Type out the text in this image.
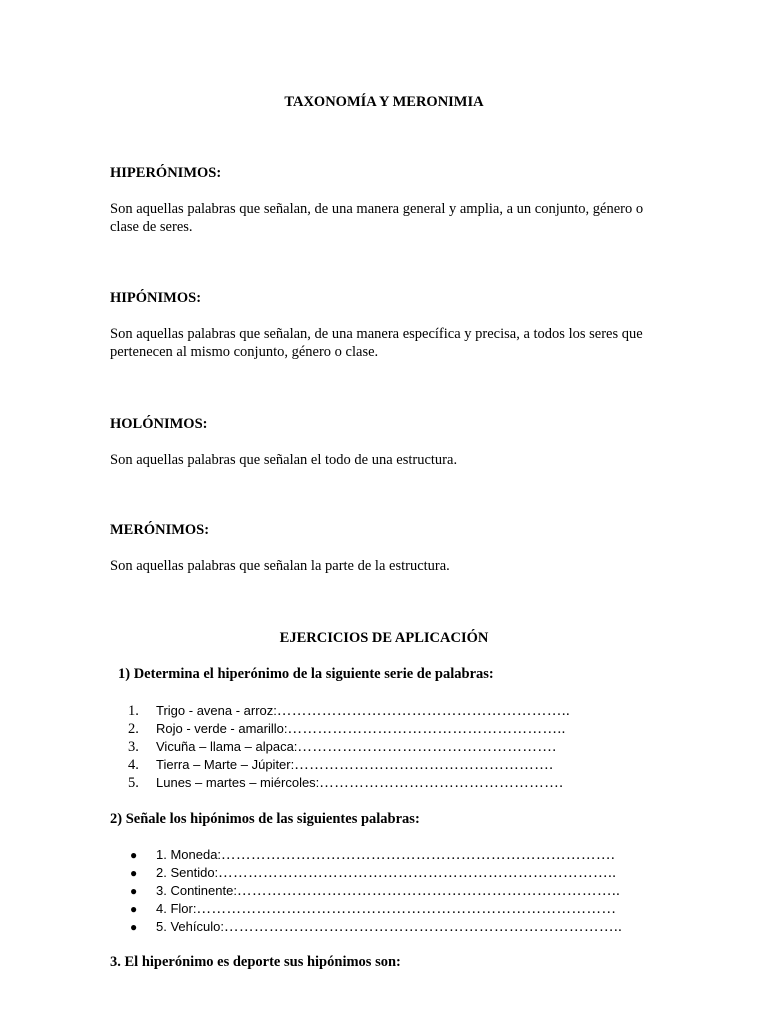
TAXONOMÍA Y MERONIMIA
HIPERÓNIMOS:
Son aquellas palabras que señalan, de una manera general y amplia, a un conjunto, género o clase de seres.
HIPÓNIMOS:
Son aquellas palabras que señalan, de una manera específica y precisa, a todos los seres que pertenecen al mismo conjunto, género o clase.
HOLÓNIMOS:
Son aquellas palabras que señalan el todo de una estructura.
MERÓNIMOS:
Son aquellas palabras que señalan la parte de la estructura.
EJERCICIOS DE APLICACIÓN
1) Determina el hiperónimo de la siguiente serie de palabras:
1. Trigo - avena - arroz:…………………………………………………..
2. Rojo - verde - amarillo:………………………………………………..
3. Vicuña – llama – alpaca:…………………………………………….
4. Tierra – Marte – Júpiter:…………………………………………….
5. Lunes – martes – miércoles:………………………………………….
2) Señale los hipónimos de las siguientes palabras:
● 1. Moneda:…………………………………………………………………….
● 2. Sentido:……………………………………………………………………..
● 3. Continente:…………………………………………………………………..
● 4. Flor:…………………………………………………………………………
● 5. Vehículo:……………………………………………………………………..
3. El hiperónimo es deporte sus hipónimos son:
